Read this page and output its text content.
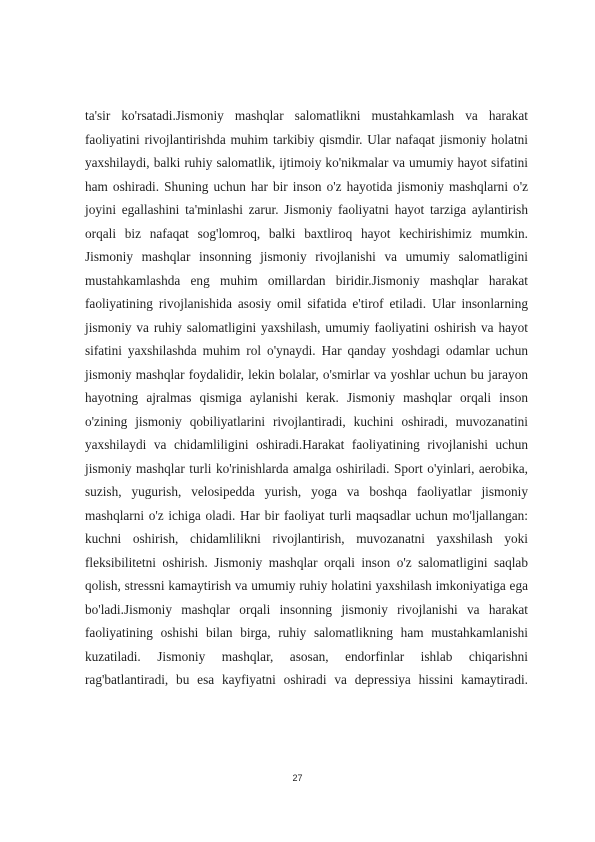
ta'sir ko'rsatadi.Jismoniy mashqlar salomatlikni mustahkamlash va harakat faoliyatini rivojlantirishda muhim tarkibiy qismdir. Ular nafaqat jismoniy holatni yaxshilaydi, balki ruhiy salomatlik, ijtimoiy ko'nikmalar va umumiy hayot sifatini ham oshiradi. Shuning uchun har bir inson o'z hayotida jismoniy mashqlarni o'z joyini egallashini ta'minlashi zarur. Jismoniy faoliyatni hayot tarziga aylantirish orqali biz nafaqat sog'lomroq, balki baxtliroq hayot kechirishimiz mumkin. Jismoniy mashqlar insonning jismoniy rivojlanishi va umumiy salomatligini mustahkamlashda eng muhim omillardan biridir.Jismoniy mashqlar harakat faoliyatining rivojlanishida asosiy omil sifatida e'tirof etiladi. Ular insonlarning jismoniy va ruhiy salomatligini yaxshilash, umumiy faoliyatini oshirish va hayot sifatini yaxshilashda muhim rol o'ynaydi. Har qanday yoshdagi odamlar uchun jismoniy mashqlar foydalidir, lekin bolalar, o'smirlar va yoshlar uchun bu jarayon hayotning ajralmas qismiga aylanishi kerak. Jismoniy mashqlar orqali inson o'zining jismoniy qobiliyatlarini rivojlantiradi, kuchini oshiradi, muvozanatini yaxshilaydi va chidamliligini oshiradi.Harakat faoliyatining rivojlanishi uchun jismoniy mashqlar turli ko'rinishlarda amalga oshiriladi. Sport o'yinlari, aerobika, suzish, yugurish, velosipedda yurish, yoga va boshqa faoliyatlar jismoniy mashqlarni o'z ichiga oladi. Har bir faoliyat turli maqsadlar uchun mo'ljallangan: kuchni oshirish, chidamlilikni rivojlantirish, muvozanatni yaxshilash yoki fleksibilitetni oshirish. Jismoniy mashqlar orqali inson o'z salomatligini saqlab qolish, stressni kamaytirish va umumiy ruhiy holatini yaxshilash imkoniyatiga ega bo'ladi.Jismoniy mashqlar orqali insonning jismoniy rivojlanishi va harakat faoliyatining oshishi bilan birga, ruhiy salomatlikning ham mustahkamlanishi kuzatiladi. Jismoniy mashqlar, asosan, endorfinlar ishlab chiqarishni rag'batlantiradi, bu esa kayfiyatni oshiradi va depressiya hissini kamaytiradi.

27
